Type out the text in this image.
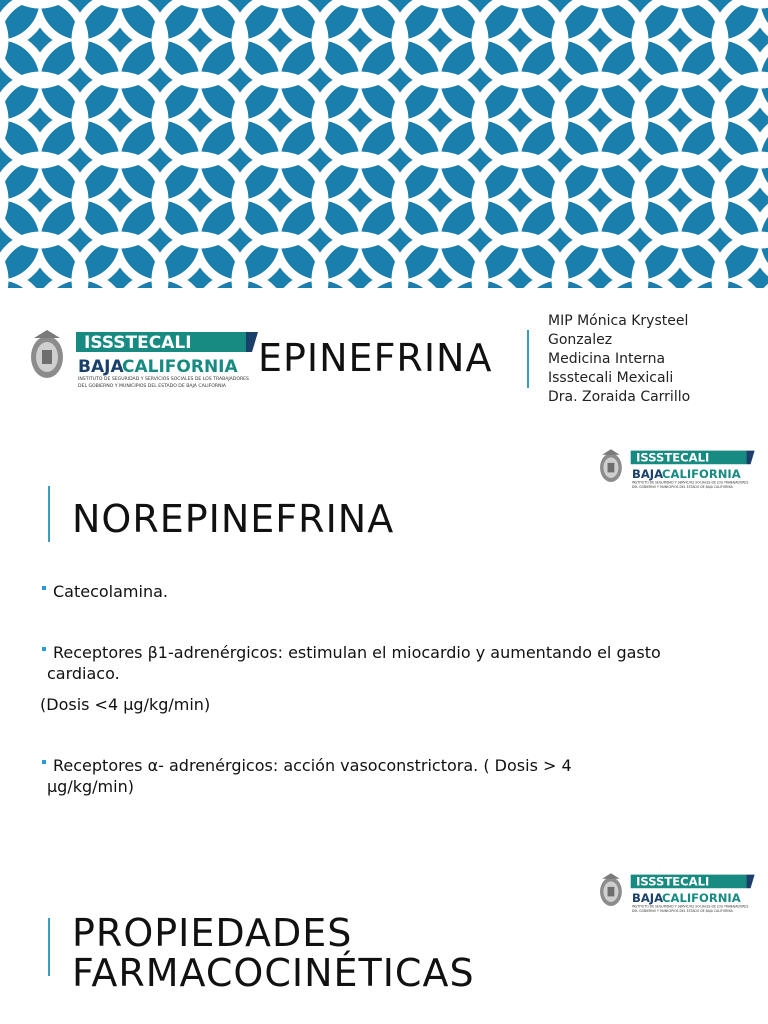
ISSSTECALI
BAJA
CALIFORNIA
INSTITUTO DE SEGURIDAD Y SERVICIOS SOCIALES DE LOS TRABAJADORES
DEL GOBIERNO Y MUNICIPIOS DEL ESTADO DE BAJA CALIFORNIA
EPINEFRINA
MIP Mónica Krysteel
Gonzalez
Medicina Interna
Issstecali Mexicali
Dra. Zoraida Carrillo
ISSSTECALI
BAJA
CALIFORNIA
INSTITUTO DE SEGURIDAD Y SERVICIOS SOCIALES DE LOS TRABAJADORES
DEL GOBIERNO Y MUNICIPIOS DEL ESTADO DE BAJA CALIFORNIA
NOREPINEFRINA
Catecolamina.
Receptores β1-adrenérgicos: estimulan el miocardio y aumentando el gasto
cardiaco.
(Dosis <4 µg/kg/min)
Receptores α- adrenérgicos: acción vasoconstrictora. ( Dosis > 4
µg/kg/min)
ISSSTECALI
BAJA
CALIFORNIA
INSTITUTO DE SEGURIDAD Y SERVICIOS SOCIALES DE LOS TRABAJADORES
DEL GOBIERNO Y MUNICIPIOS DEL ESTADO DE BAJA CALIFORNIA
PROPIEDADES
FARMACOCINÉTICAS
